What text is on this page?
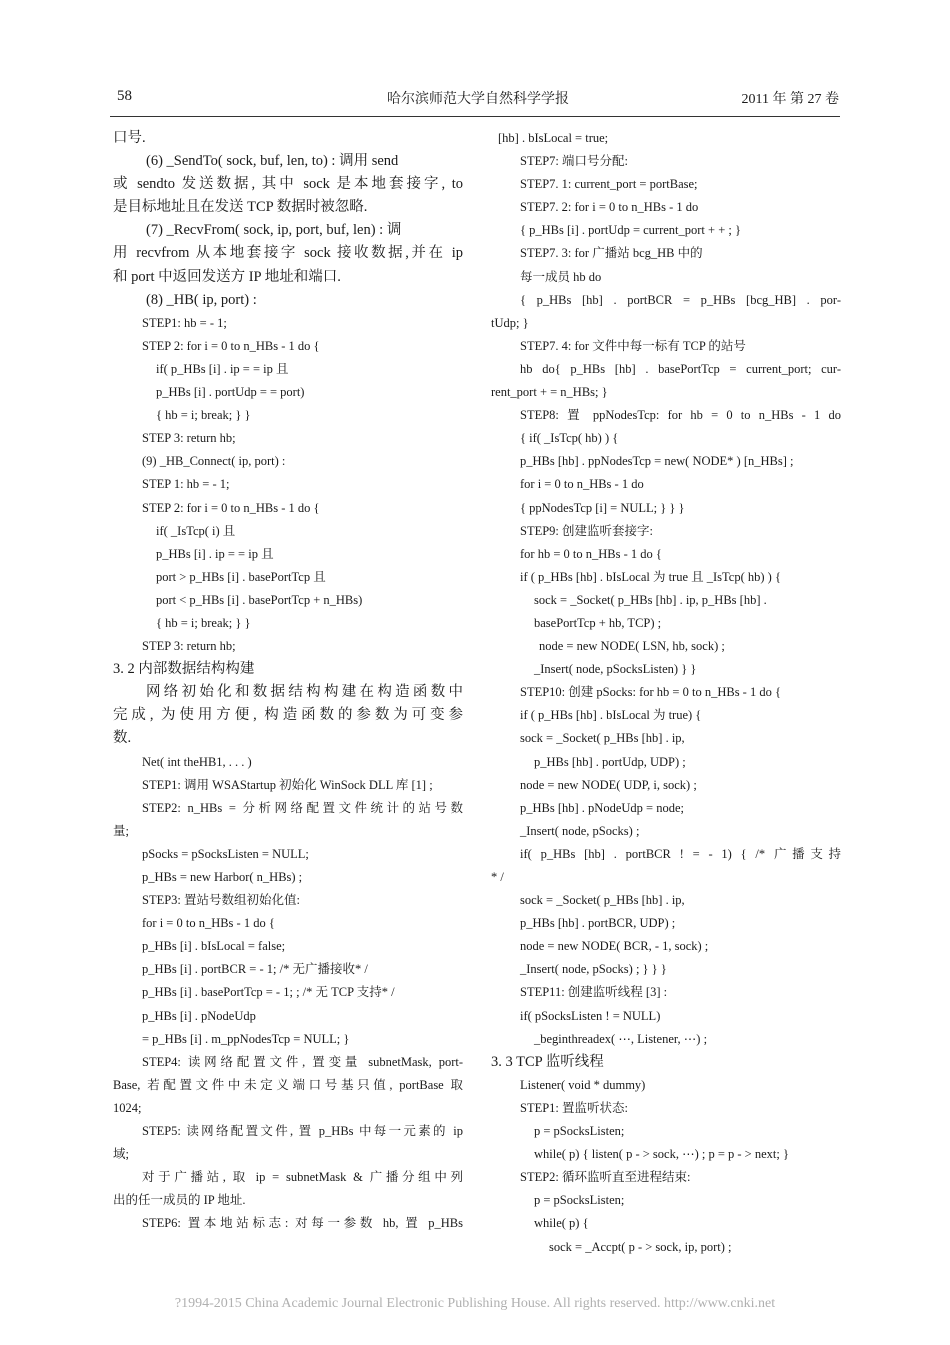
哈尔滨师范大学自然科学学报
58	2011 年 第 27 卷
口号.
(6) _SendTo( sock, buf, len, to) : 调用 send
或 sendto 发送数据, 其中 sock 是本地套接字, to
是目标地址且在发送 TCP 数据时被忽略.
(7) _RecvFrom( sock, ip, port, buf, len) : 调
用 recvfrom 从本地套接字 sock 接收数据,并在 ip
和 port 中返回发送方 IP 地址和端口.
(8) _HB( ip, port) :
STEP1: hb = - 1;
STEP 2: for i = 0 to n_HBs - 1 do {
if( p_HBs [i] . ip = = ip 且
p_HBs [i] . portUdp = = port)
{ hb = i; break; } }
STEP 3: return hb;
(9) _HB_Connect( ip, port) :
STEP 1: hb = - 1;
STEP 2: for i = 0 to n_HBs - 1 do {
if( _IsTcp( i) 且
p_HBs [i] . ip = = ip 且
port > p_HBs [i] . basePortTcp 且
port < p_HBs [i] . basePortTcp + n_HBs)
{ hb = i; break; } }
STEP 3: return hb;
3. 2 内部数据结构构建
网络初始化和数据结构构建在构造函数中
完成, 为使用方便, 构造函数的参数为可变参
数.
Net( int theHB1, . . . )
STEP1: 调用 WSAStartup 初始化 WinSock DLL 库 [1] ;
STEP2: n_HBs = 分析网络配置文件统计的站号数
量;
pSocks = pSocksListen = NULL;
p_HBs = new Harbor( n_HBs) ;
STEP3: 置站号数组初始化值:
for i = 0 to n_HBs - 1 do {
p_HBs [i] . bIsLocal = false;
p_HBs [i] . portBCR = - 1; /* 无广播接收* /
p_HBs [i] . basePortTcp = - 1; ; /* 无 TCP 支持* /
p_HBs [i] . pNodeUdp
= p_HBs [i] . m_ppNodesTcp = NULL; }
STEP4: 读网络配置文件, 置变量 subnetMask, port-
Base, 若配置文件中未定义端口号基只值, portBase 取
1024;
STEP5: 读网络配置文件, 置 p_HBs 中每一元素的 ip
域;
对于广播站, 取 ip = subnetMask & 广播分组中列
出的任一成员的 IP 地址.
STEP6: 置本地站标志: 对每一参数 hb, 置 p_HBs
[hb] . bIsLocal = true;
STEP7: 端口号分配:
STEP7. 1: current_port = portBase;
STEP7. 2: for i = 0 to n_HBs - 1 do
{ p_HBs [i] . portUdp = current_port + + ; }
STEP7. 3: for 广播站 bcg_HB 中的
每一成员 hb do
{ p_HBs [hb] . portBCR = p_HBs [bcg_HB] . por-
tUdp; }
STEP7. 4: for 文件中每一标有 TCP 的站号
hb do{ p_HBs [hb] . basePortTcp = current_port; cur-
rent_port + = n_HBs; }
STEP8: 置 ppNodesTcp: for hb = 0 to n_HBs - 1 do
{ if( _IsTcp( hb) ) {
p_HBs [hb] . ppNodesTcp = new( NODE* ) [n_HBs] ;
for i = 0 to n_HBs - 1 do
{ ppNodesTcp [i] = NULL; } } }
STEP9: 创建监听套接字:
for hb = 0 to n_HBs - 1 do {
if ( p_HBs [hb] . bIsLocal 为 true 且 _IsTcp( hb) ) {
sock = _Socket( p_HBs [hb] . ip, p_HBs [hb] .
basePortTcp + hb, TCP) ;
node = new NODE( LSN, hb, sock) ;
_Insert( node, pSocksListen) } }
STEP10: 创建 pSocks: for hb = 0 to n_HBs - 1 do {
if ( p_HBs [hb] . bIsLocal 为 true) {
sock = _Socket( p_HBs [hb] . ip,
p_HBs [hb] . portUdp, UDP) ;
node = new NODE( UDP, i, sock) ;
p_HBs [hb] . pNodeUdp = node;
_Insert( node, pSocks) ;
if( p_HBs [hb] . portBCR ! = - 1) { /* 广播支持
* /
sock = _Socket( p_HBs [hb] . ip,
p_HBs [hb] . portBCR, UDP) ;
node = new NODE( BCR, - 1, sock) ;
_Insert( node, pSocks) ; } } }
STEP11: 创建监听线程 [3] :
if( pSocksListen ! = NULL)
_beginthreadex( ⋯, Listener, ⋯) ;
3. 3 TCP 监听线程
Listener( void * dummy)
STEP1: 置监听状态:
p = pSocksListen;
while( p) { listen( p - > sock, ⋯) ; p = p - > next; }
STEP2: 循环监听直至进程结束:
p = pSocksListen;
while( p) {
sock = _Accpt( p - > sock, ip, port) ;
?1994-2015 China Academic Journal Electronic Publishing House. All rights reserved. http://www.cnki.net
